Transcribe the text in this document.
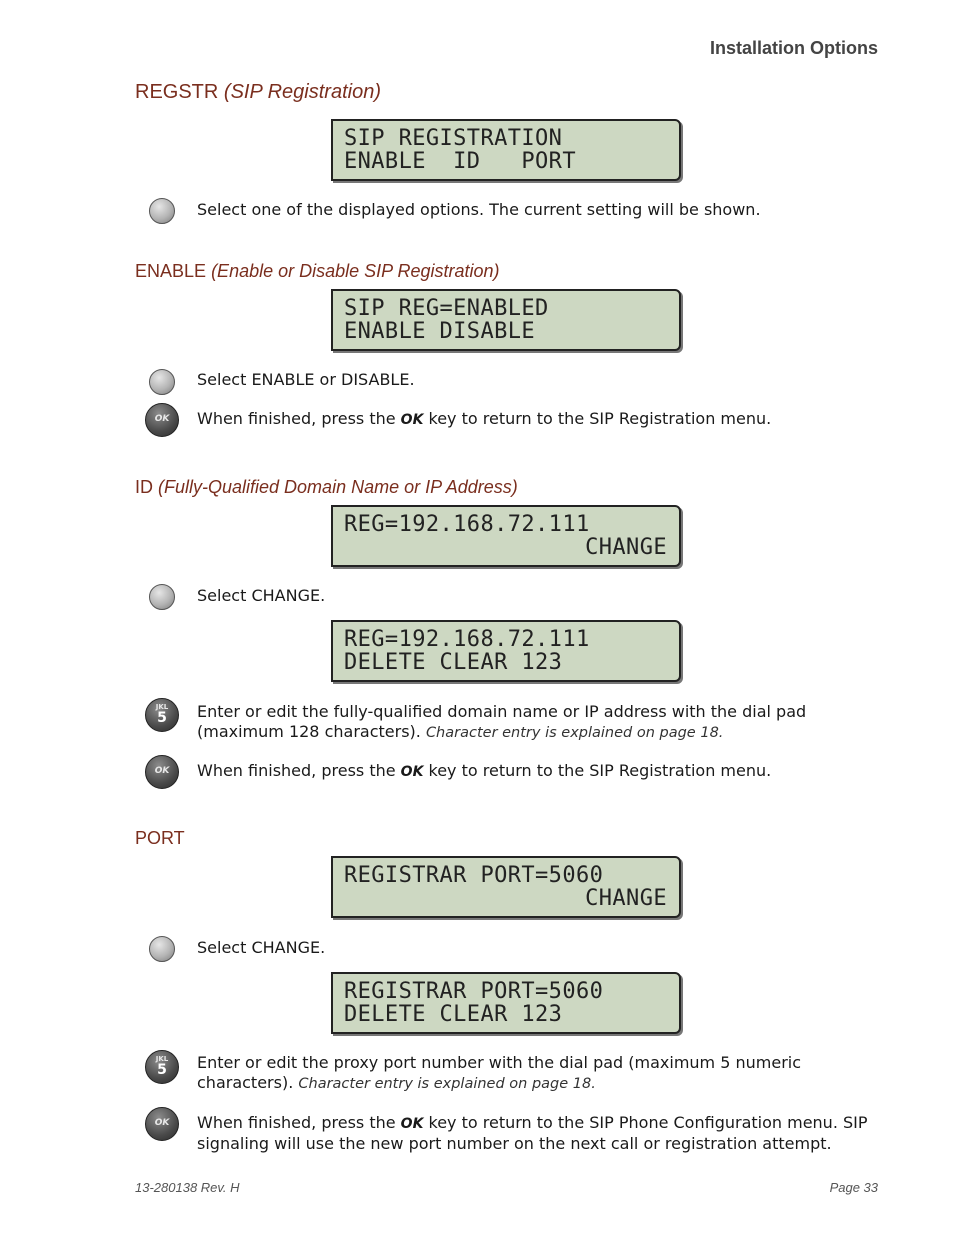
Installation Options
REGSTR (SIP Registration)
SIP REGISTRATION
ENABLE  ID   PORT
Select one of the displayed options. The current setting will be shown.
ENABLE (Enable or Disable SIP Registration)
SIP REG=ENABLED
ENABLE DISABLE
Select ENABLE or DISABLE.
OK	When finished, press the OK key to return to the SIP Registration menu.
ID (Fully-Qualified Domain Name or IP Address)
REG=192.168.72.111
CHANGE
Select CHANGE.
REG=192.168.72.111
DELETE CLEAR 123
JKL
5	Enter or edit the fully-qualified domain name or IP address with the dial pad (maximum 128 characters). Character entry is explained on page 18.
OK	When finished, press the OK key to return to the SIP Registration menu.
PORT
REGISTRAR PORT=5060
CHANGE
Select CHANGE.
REGISTRAR PORT=5060
DELETE CLEAR 123
JKL
5	Enter or edit the proxy port number with the dial pad (maximum 5 numeric characters). Character entry is explained on page 18.
OK	When finished, press the OK key to return to the SIP Phone Configuration menu. SIP signaling will use the new port number on the next call or registration attempt.
13-280138 Rev. H	Page 33
